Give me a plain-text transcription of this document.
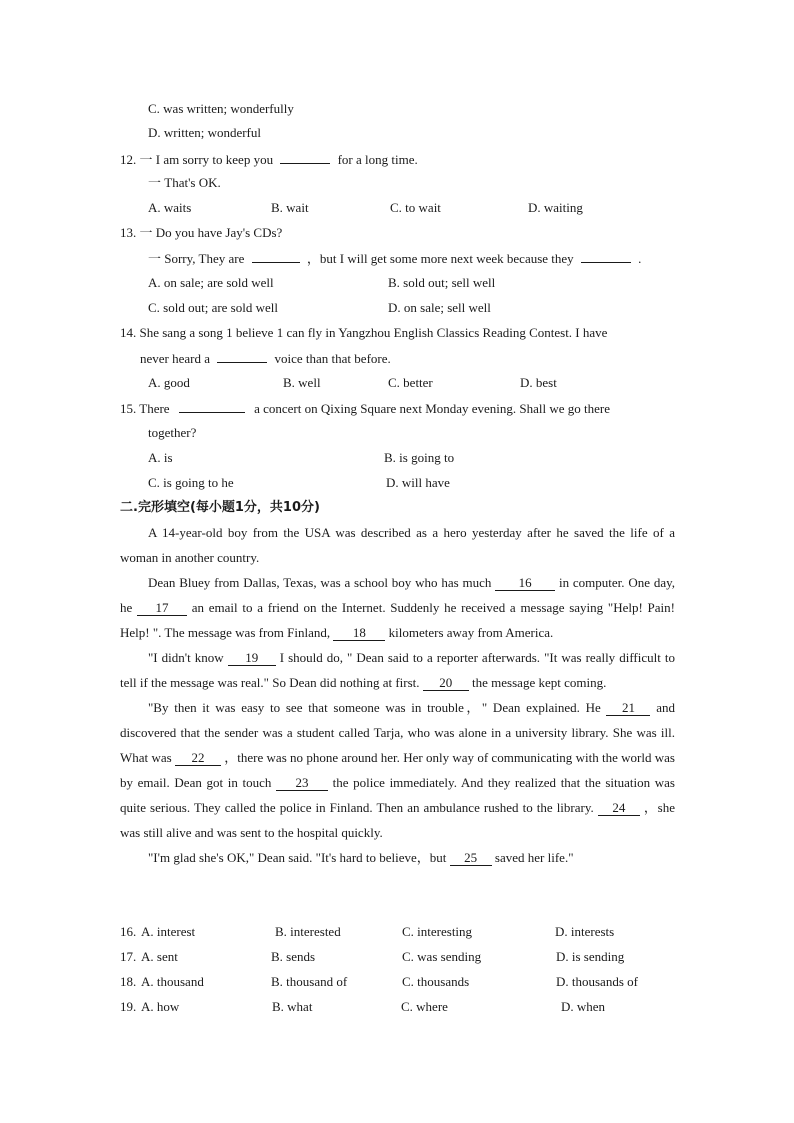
C. was written; wonderfully
D. written; wonderful
12. 一 I am sorry to keep you	for a long time.
一 That's OK.
A. waits	B. wait	C. to wait	D. waiting
13. 一 Do you have Jay's CDs?
一 Sorry, They are	，but I will get some more next week because they	.
A. on sale; are sold well	B. sold out; sell well
C. sold out; are sold well	D. on sale; sell well
14. She sang a song 1 believe 1 can fly in Yangzhou English Classics Reading Contest. I have
never heard a	voice than that before.
A. good	B. well	C. better	D. best
15. There	a concert on Qixing Square next Monday evening. Shall we go there
together?
A. is	B. is going to
C. is going to he	D. will have
二.完形填空(每小题1分，共10分)

A 14-year-old boy from the USA was described as a hero yesterday after he saved the life of a woman in another country.

Dean Bluey from Dallas, Texas, was a school boy who has much 16 in computer. One day, he 17 an email to a friend on the Internet. Suddenly he received a message saying "Help! Pain! Help! ". The message was from Finland, 18 kilometers away from America.

"I didn't know 19 I should do, " Dean said to a reporter afterwards. "It was really difficult to tell if the message was real." So Dean did nothing at first. 20 the message kept coming.

"By then it was easy to see that someone was in trouble，" Dean explained. He 21 and discovered that the sender was a student called Tarja, who was alone in a university library. She was ill. What was 22 ，there was no phone around her. Her only way of communicating with the world was by email. Dean got in touch 23 the police immediately. And they realized that the situation was quite serious. They called the police in Finland. Then an ambulance rushed to the library. 24 ，she was still alive and was sent to the hospital quickly.

"I'm glad she's OK," Dean said. "It's hard to believe，but 25 saved her life."

16. A. interest	B. interested	C. interesting	D. interests
17. A. sent	B. sends	C. was sending	D. is sending
18. A. thousand	B. thousand of	C. thousands	D. thousands of
19. A. how	B. what	C. where	D. when
